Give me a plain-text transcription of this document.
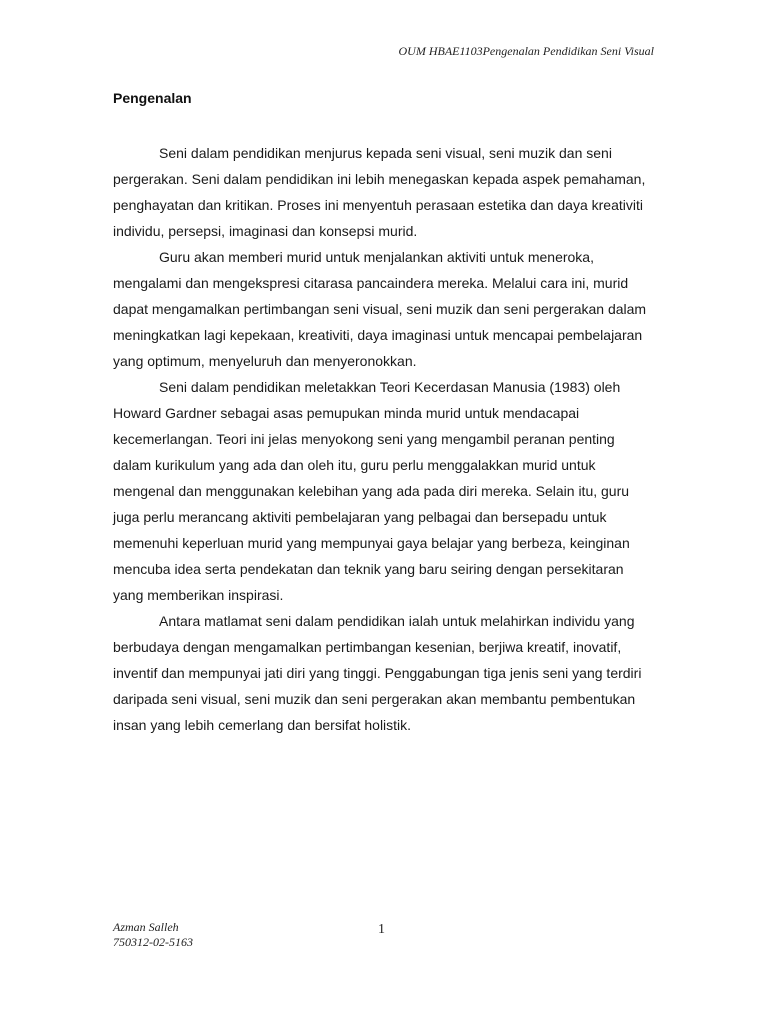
OUM HBAE1103Pengenalan Pendidikan Seni Visual
Pengenalan

Seni dalam pendidikan menjurus kepada seni visual, seni muzik dan seni pergerakan. Seni dalam pendidikan ini lebih menegaskan kepada aspek pemahaman, penghayatan dan kritikan. Proses ini menyentuh perasaan estetika dan daya kreativiti individu, persepsi, imaginasi dan konsepsi murid.

Guru akan memberi murid untuk menjalankan aktiviti untuk meneroka, mengalami dan mengekspresi citarasa pancaindera mereka. Melalui cara ini, murid dapat mengamalkan pertimbangan seni visual, seni muzik dan seni pergerakan dalam meningkatkan lagi kepekaan, kreativiti, daya imaginasi untuk mencapai pembelajaran yang optimum, menyeluruh dan menyeronokkan.

Seni dalam pendidikan meletakkan Teori Kecerdasan Manusia (1983) oleh Howard Gardner sebagai asas pemupukan minda murid untuk mendacapai kecemerlangan. Teori ini jelas menyokong seni yang mengambil peranan penting dalam kurikulum yang ada dan oleh itu, guru perlu menggalakkan murid untuk mengenal dan menggunakan kelebihan yang ada pada diri mereka. Selain itu, guru juga perlu merancang aktiviti pembelajaran yang pelbagai dan bersepadu untuk memenuhi keperluan murid yang mempunyai gaya belajar yang berbeza, keinginan mencuba idea serta pendekatan dan teknik yang baru seiring dengan persekitaran yang memberikan inspirasi.

Antara matlamat seni dalam pendidikan ialah untuk melahirkan individu yang berbudaya dengan mengamalkan pertimbangan kesenian, berjiwa kreatif, inovatif, inventif dan mempunyai jati diri yang tinggi. Penggabungan tiga jenis seni yang terdiri daripada seni visual, seni muzik dan seni pergerakan akan membantu pembentukan insan yang lebih cemerlang dan bersifat holistik.

Azman Salleh
750312-02-5163
1
